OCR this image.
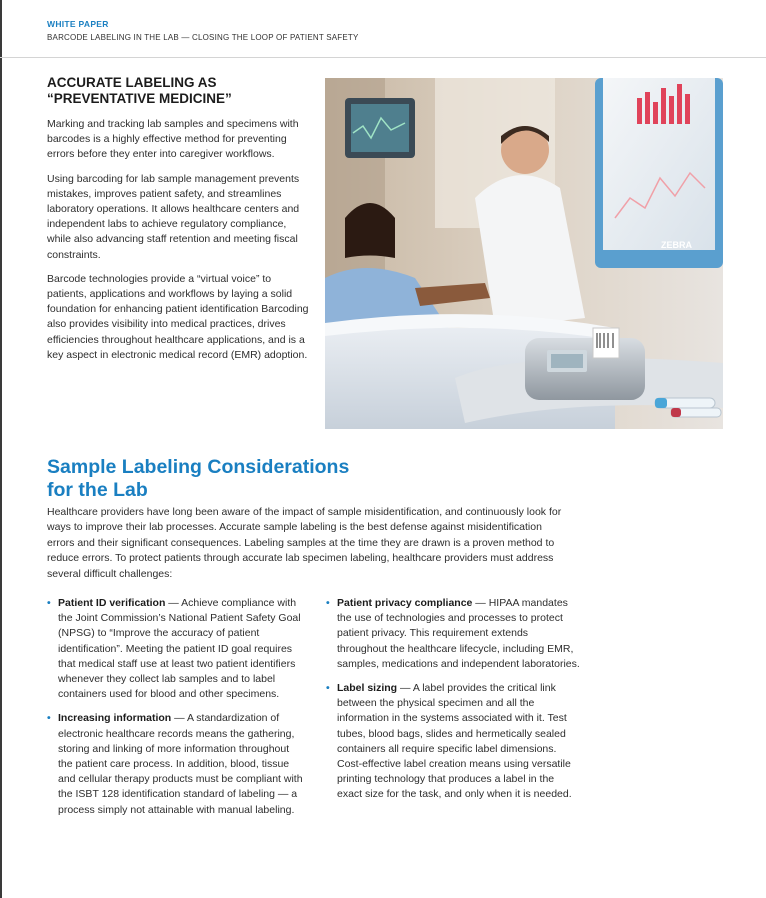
WHITE PAPER
BARCODE LABELING IN THE LAB — CLOSING THE LOOP OF PATIENT SAFETY
ACCURATE LABELING AS
“PREVENTATIVE MEDICINE”

Marking and tracking lab samples and specimens with barcodes is a highly effective method for preventing errors before they enter into caregiver workflows.

Using barcoding for lab sample management prevents mistakes, improves patient safety, and streamlines laboratory operations. It allows healthcare centers and independent labs to achieve regulatory compliance, while also advancing staff retention and meeting fiscal constraints.

Barcode technologies provide a “virtual voice” to patients, applications and workflows by laying a solid foundation for enhancing patient identification Barcoding also provides visibility into medical practices, drives efficiencies throughout healthcare applications, and is a key aspect in electronic medical record (EMR) adoption.

ZEBRA
Sample Labeling Considerations
for the Lab

Healthcare providers have long been aware of the impact of sample misidentification, and continuously look for ways to improve their lab processes. Accurate sample labeling is the best defense against misidentification errors and their significant consequences. Labeling samples at the time they are drawn is a proven method to reduce errors. To protect patients through accurate lab specimen labeling, healthcare providers must address several difficult challenges:

• Patient ID verification — Achieve compliance with the Joint Commission’s National Patient Safety Goal (NPSG) to “Improve the accuracy of patient identification”. Meeting the patient ID goal requires that medical staff use at least two patient identifiers whenever they collect lab samples and to label containers used for blood and other specimens.
• Increasing information — A standardization of electronic healthcare records means the gathering, storing and linking of more information throughout the patient care process. In addition, blood, tissue and cellular therapy products must be compliant with the ISBT 128 identification standard of labeling — a process simply not attainable with manual labeling.
• Patient privacy compliance — HIPAA mandates the use of technologies and processes to protect patient privacy. This requirement extends throughout the healthcare lifecycle, including EMR, samples, medications and independent laboratories.
• Label sizing — A label provides the critical link between the physical specimen and all the information in the systems associated with it. Test tubes, blood bags, slides and hermetically sealed containers all require specific label dimensions. Cost-effective label creation means using versatile printing technology that produces a label in the exact size for the task, and only when it is needed.
